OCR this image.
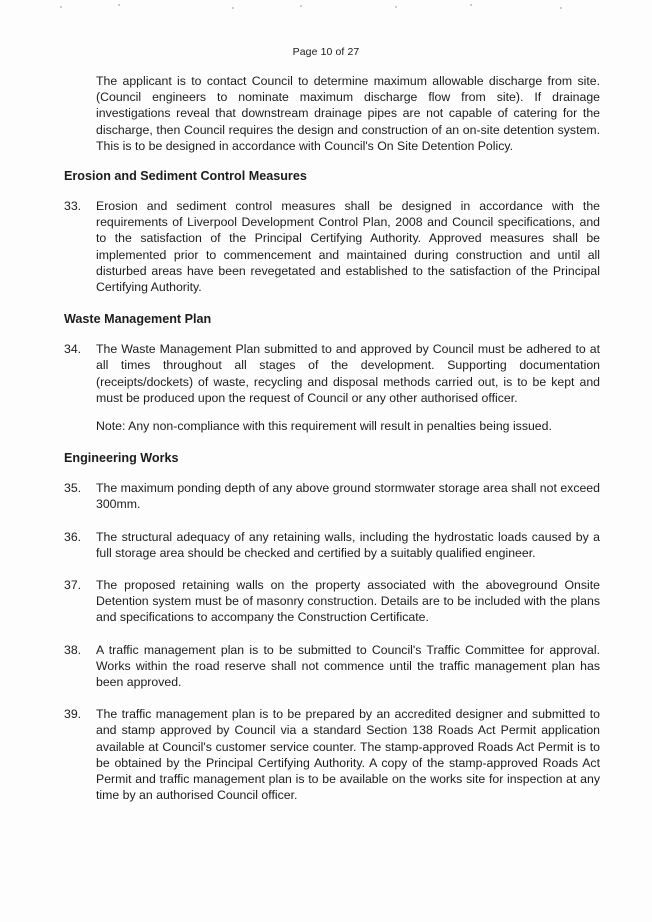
Page 10 of 27

The applicant is to contact Council to determine maximum allowable discharge from site. (Council engineers to nominate maximum discharge flow from site). If drainage investigations reveal that downstream drainage pipes are not capable of catering for the discharge, then Council requires the design and construction of an on-site detention system. This is to be designed in accordance with Council's On Site Detention Policy.

Erosion and Sediment Control Measures
33.	Erosion and sediment control measures shall be designed in accordance with the requirements of Liverpool Development Control Plan, 2008 and Council specifications, and to the satisfaction of the Principal Certifying Authority. Approved measures shall be implemented prior to commencement and maintained during construction and until all disturbed areas have been revegetated and established to the satisfaction of the Principal Certifying Authority.
Waste Management Plan
34.	The Waste Management Plan submitted to and approved by Council must be adhered to at all times throughout all stages of the development. Supporting documentation (receipts/dockets) of waste, recycling and disposal methods carried out, is to be kept and must be produced upon the request of Council or any other authorised officer.
Note: Any non-compliance with this requirement will result in penalties being issued.
Engineering Works
35.	The maximum ponding depth of any above ground stormwater storage area shall not exceed 300mm.
36.	The structural adequacy of any retaining walls, including the hydrostatic loads caused by a full storage area should be checked and certified by a suitably qualified engineer.
37.	The proposed retaining walls on the property associated with the aboveground Onsite Detention system must be of masonry construction. Details are to be included with the plans and specifications to accompany the Construction Certificate.
38.	A traffic management plan is to be submitted to Council's Traffic Committee for approval. Works within the road reserve shall not commence until the traffic management plan has been approved.
39.	The traffic management plan is to be prepared by an accredited designer and submitted to and stamp approved by Council via a standard Section 138 Roads Act Permit application available at Council's customer service counter. The stamp-approved Roads Act Permit is to be obtained by the Principal Certifying Authority. A copy of the stamp-approved Roads Act Permit and traffic management plan is to be available on the works site for inspection at any time by an authorised Council officer.
